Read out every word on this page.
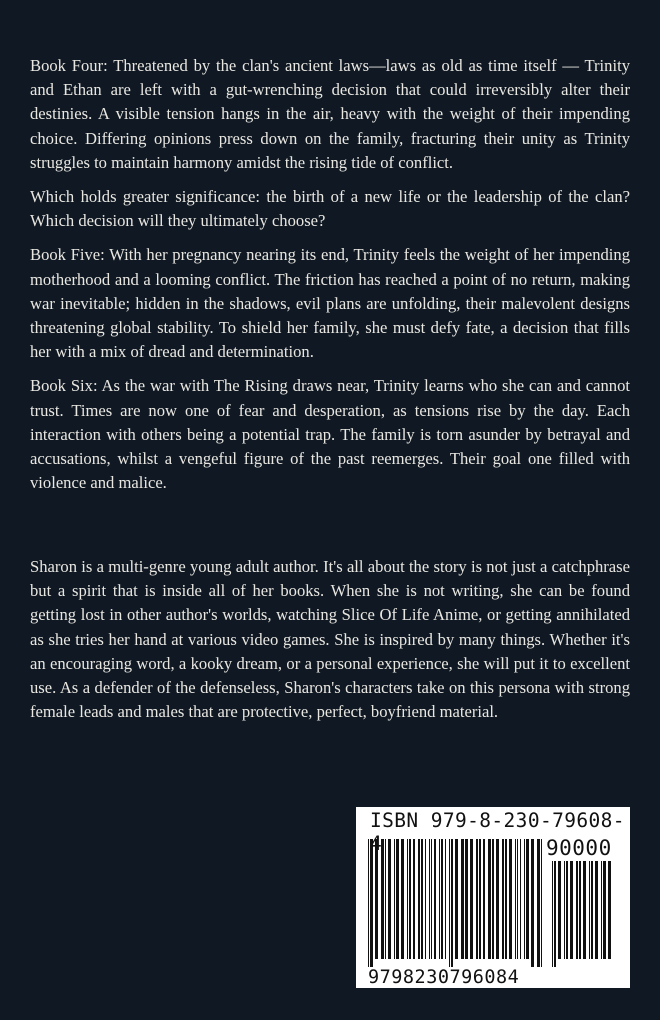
Book Four: Threatened by the clan's ancient laws—laws as old as time itself — Trinity and Ethan are left with a gut-wrenching decision that could irreversibly alter their destinies. A visible tension hangs in the air, heavy with the weight of their impending choice. Differing opinions press down on the family, fracturing their unity as Trinity struggles to maintain harmony amidst the rising tide of conflict.

Which holds greater significance: the birth of a new life or the leadership of the clan? Which decision will they ultimately choose?

Book Five: With her pregnancy nearing its end, Trinity feels the weight of her impending motherhood and a looming conflict. The friction has reached a point of no return, making war inevitable; hidden in the shadows, evil plans are unfolding, their malevolent designs threatening global stability. To shield her family, she must defy fate, a decision that fills her with a mix of dread and determination.

Book Six: As the war with The Rising draws near, Trinity learns who she can and cannot trust. Times are now one of fear and desperation, as tensions rise by the day. Each interaction with others being a potential trap. The family is torn asunder by betrayal and accusations, whilst a vengeful figure of the past reemerges. Their goal one filled with violence and malice.

Sharon is a multi-genre young adult author. It's all about the story is not just a catchphrase but a spirit that is inside all of her books. When she is not writing, she can be found getting lost in other author's worlds, watching Slice Of Life Anime, or getting annihilated as she tries her hand at various video games. She is inspired by many things. Whether it's an encouraging word, a kooky dream, or a personal experience, she will put it to excellent use. As a defender of the defenseless, Sharon's characters take on this persona with strong female leads and males that are protective, perfect, boyfriend material.

ISBN 979-8-230-79608-
90000
9798230796084
